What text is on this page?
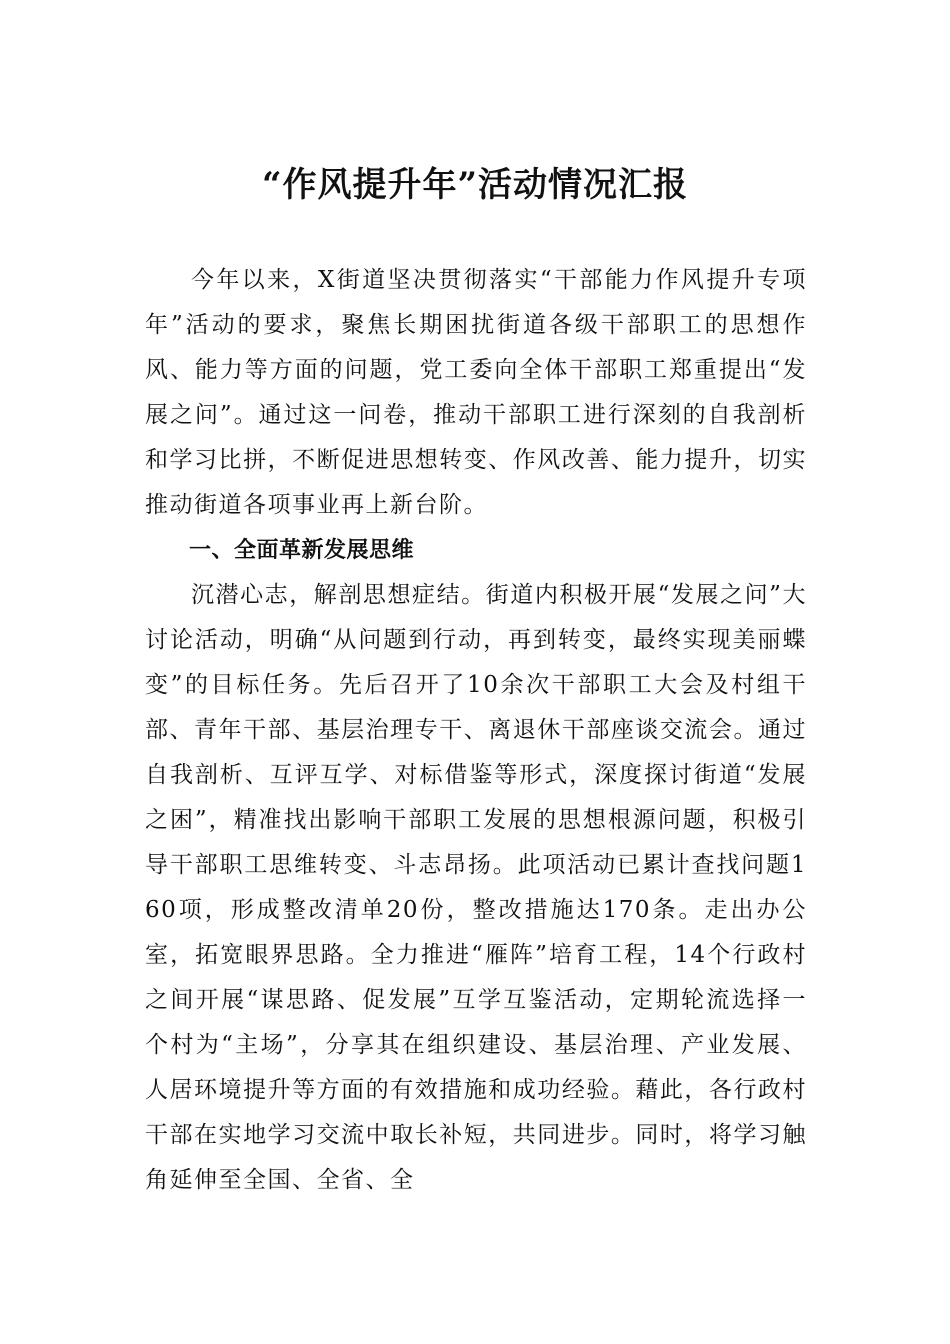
“作风提升年”活动情况汇报

今年以来，X街道坚决贯彻落实“干部能力作风提升专项年”活动的要求，聚焦长期困扰街道各级干部职工的思想作风、能力等方面的问题，党工委向全体干部职工郑重提出“发展之问”。通过这一问卷，推动干部职工进行深刻的自我剖析和学习比拼，不断促进思想转变、作风改善、能力提升，切实推动街道各项事业再上新台阶。

一、全面革新发展思维

沉潜心志，解剖思想症结。街道内积极开展“发展之问”大讨论活动，明确“从问题到行动，再到转变，最终实现美丽蝶变”的目标任务。先后召开了10余次干部职工大会及村组干部、青年干部、基层治理专干、离退休干部座谈交流会。通过自我剖析、互评互学、对标借鉴等形式，深度探讨街道“发展之困”，精准找出影响干部职工发展的思想根源问题，积极引导干部职工思维转变、斗志昂扬。此项活动已累计查找问题160项，形成整改清单20份，整改措施达170条。走出办公室，拓宽眼界思路。全力推进“雁阵”培育工程，14个行政村之间开展“谋思路、促发展”互学互鉴活动，定期轮流选择一个村为“主场”，分享其在组织建设、基层治理、产业发展、人居环境提升等方面的有效措施和成功经验。藉此，各行政村干部在实地学习交流中取长补短，共同进步。同时，将学习触角延伸至全国、全省、全
